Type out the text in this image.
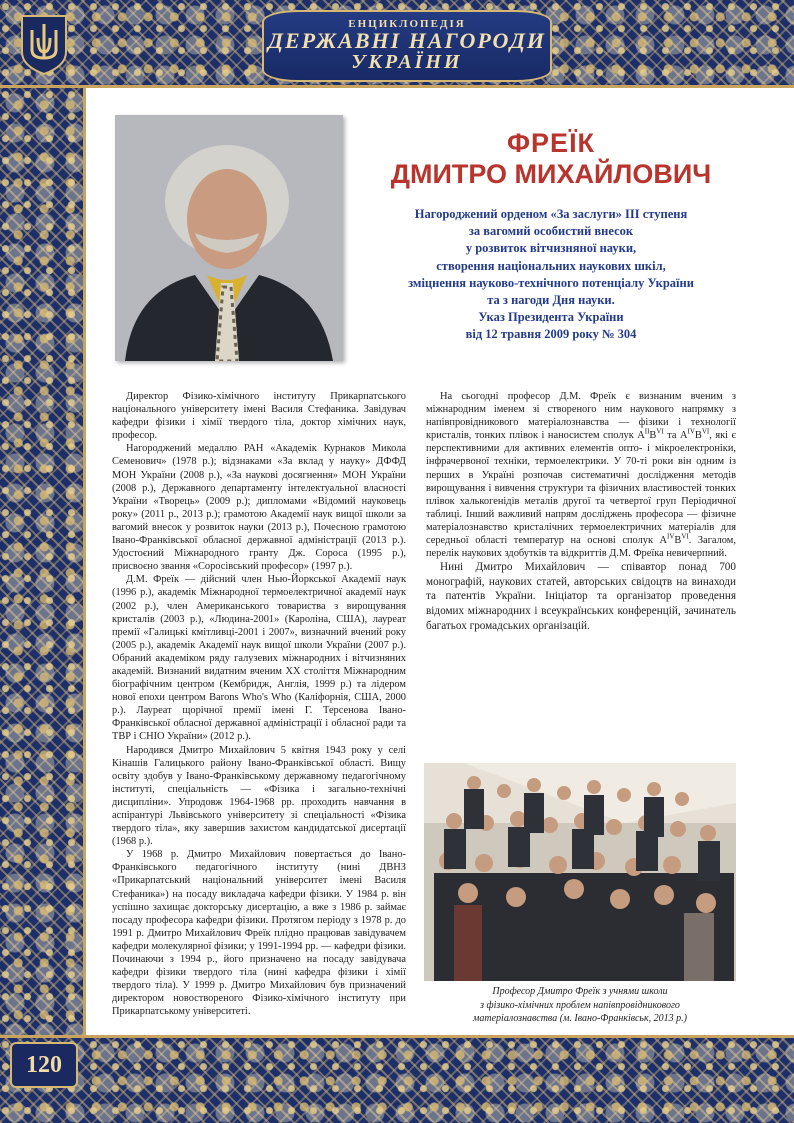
ЕНЦИКЛОПЕДІЯ
ДЕРЖАВНІ НАГОРОДИ
УКРАЇНИ
120
ФРЕЇК
ДМИТРО МИХАЙЛОВИЧ
Нагороджений орденом «За заслуги» ІІІ ступеня
за вагомий особистий внесок
у розвиток вітчизняної науки,
створення національних наукових шкіл,
зміцнення науково-технічного потенціалу України
та з нагоди Дня науки.
Указ Президента України
від 12 травня 2009 року № 304

Директор Фізико-хімічного інституту Прикарпатського національного університету імені Василя Стефаника. Завідувач кафедри фізики і хімії твердого тіла, доктор хімічних наук, професор.

Нагороджений медаллю РАН «Академік Курнаков Микола Семенович» (1978 р.); відзнаками «За вклад у науку» ДФФД МОН України (2008 р.), «За наукові досягнення» МОН України (2008 р.), Державного департаменту інтелектуальної власності України «Творець» (2009 р.); дипломами «Відомий науковець року» (2011 р., 2013 р.); грамотою Академії наук вищої школи за вагомий внесок у розвиток науки (2013 р.), Почесною грамотою Івано-Франківської обласної державної адміністрації (2013 р.). Удостоєний Міжнародного гранту Дж. Сороса (1995 р.), присвоєно звання «Соросівський професор» (1997 р.).

Д.М. Фреїк — дійсний член Нью-Йоркської Академії наук (1996 р.), академік Міжнародної термоелектричної академії наук (2002 р.), член Американського товариства з вирощування кристалів (2003 р.), «Людина-2001» (Кароліна, США), лауреат премії «Галицькі кмітливці-2001 і 2007», визначний вчений року (2005 р.), академік Академії наук вищої школи України (2007 р.). Обраний академіком ряду галузевих міжнародних і вітчизняних академій. Визнаний видатним вченим XX століття Міжнародним біографічним центром (Кембридж, Англія, 1999 р.) та лідером нової епохи центром Barons Who's Who (Каліфорнія, США, 2000 р.). Лауреат щорічної премії імені Г. Терсенова Івано-Франківської обласної державної адміністрації і обласної ради та ТВР і СНІО України» (2012 р.).

Народився Дмитро Михайлович 5 квітня 1943 року у селі Кінашів Галицького району Івано-Франківської області. Вищу освіту здобув у Івано-Франківському державному педагогічному інституті, спеціальність — «Фізика і загально-технічні дисципліни». Упродовж 1964-1968 рр. проходить навчання в аспірантурі Львівського університету зі спеціальності «Фізика твердого тіла», яку завершив захистом кандидатської дисертації (1968 р.).

У 1968 р. Дмитро Михайлович повертається до Івано-Франківського педагогічного інституту (нині ДВНЗ «Прикарпатський національний університет імені Василя Стефаника») на посаду викладача кафедри фізики. У 1984 р. він успішно захищає докторську дисертацію, а вже з 1986 р. займає посаду професора кафедри фізики. Протягом періоду з 1978 р. до 1991 р. Дмитро Михайлович Фреїк плідно працював завідувачем кафедри молекулярної фізики; у 1991-1994 рр. — кафедри фізики. Починаючи з 1994 р., його призначено на посаду завідувача кафедри фізики твердого тіла (нині кафедра фізики і хімії твердого тіла). У 1999 р. Дмитро Михайлович був призначений директором новоствореного Фізико-хімічного інституту при Прикарпатському університеті.

На сьогодні професор Д.М. Фреїк є визнаним вченим з міжнародним іменем зі створеного ним наукового напрямку з напівпровідникового матеріалознавства — фізики і технології кристалів, тонких плівок і наносистем сполук $A^{II}B^{VI}$ та $A^{IV}B^{VI}$, які є перспективними для активних елементів опто- і мікроелектроніки, інфрачервоної техніки, термоелектрики. У 70-ті роки він одним із перших в Україні розпочав систематичні дослідження методів вирощування і вивчення структури та фізичних властивостей тонких плівок халькогенідів металів другої та четвертої груп Періодичної таблиці. Інший важливий напрям досліджень професора — фізичне матеріалознавство кристалічних термоелектричних матеріалів для середньої області температур на основі сполук $A^{IV}B^{VI}$. Загалом, перелік наукових здобутків та відкриттів Д.М. Фреїка невичерпний.

Нині Дмитро Михайлович — співавтор понад 700 монографій, наукових статей, авторських свідоцтв на винаходи та патентів України. Ініціатор та організатор проведення відомих міжнародних і всеукраїнських конференцій, зачинатель багатьох громадських організацій.

Професор Дмитро Фреїк з учнями школи
з фізико-хімічних проблем напівпровідникового
матеріалознавства (м. Івано-Франківськ, 2013 р.)
